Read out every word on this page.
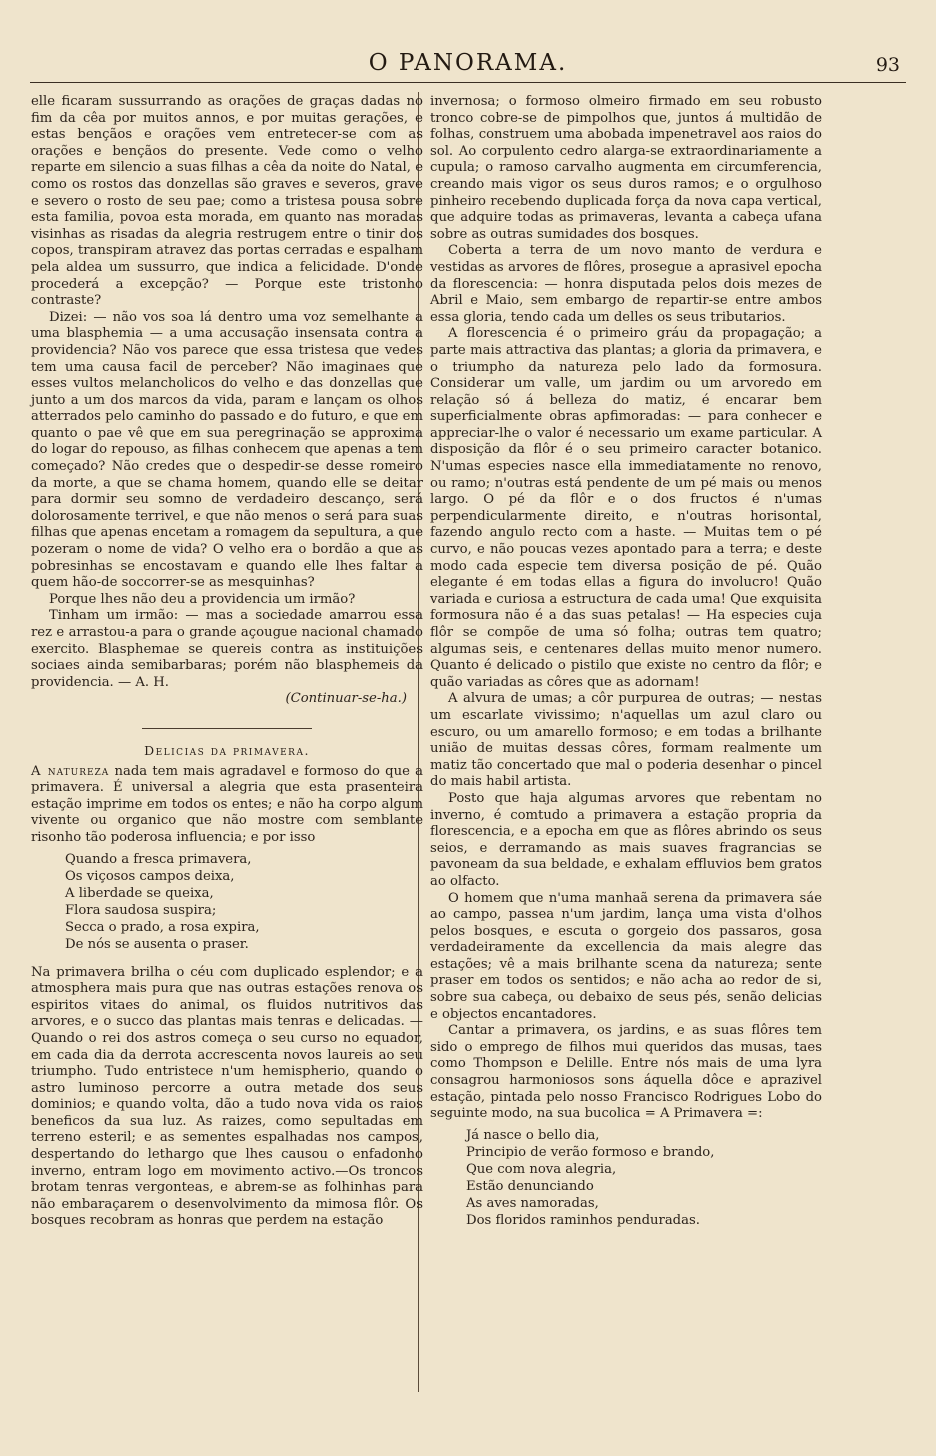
O PANORAMA.	93

elle ficaram sussurrando as orações de graças dadas no fim da cêa por muitos annos, e por muitas gerações, e estas bençãos e orações vem entretecer-se com as orações e bençãos do presente. Vede como o velho reparte em silencio a suas filhas a cêa da noite do Natal, e como os rostos das donzellas são graves e severos, grave e severo o rosto de seu pae; como a tristesa pousa sobre esta familia, povoa esta morada, em quanto nas moradas visinhas as risadas da alegria restrugem entre o tinir dos copos, transpiram atravez das portas cerradas e espalham pela aldea um sussurro, que indica a felicidade. D'onde procederá a excepção? — Porque este tristonho contraste?

Dizei: — não vos soa lá dentro uma voz semelhante a uma blasphemia — a uma accusação insensata contra a providencia? Não vos parece que essa tristesa que vedes tem uma causa facil de perceber? Não imaginaes que esses vultos melancholicos do velho e das donzellas que junto a um dos marcos da vida, param e lançam os olhos atterrados pelo caminho do passado e do futuro, e que em quanto o pae vê que em sua peregrinação se approxima do logar do repouso, as filhas conhecem que apenas a tem começado? Não credes que o despedir-se desse romeiro da morte, a que se chama homem, quando elle se deitar para dormir seu somno de verdadeiro descanço, será dolorosamente terrivel, e que não menos o será para suas filhas que apenas encetam a romagem da sepultura, a que pozeram o nome de vida? O velho era o bordão a que as pobresinhas se encostavam e quando elle lhes faltar a quem hão-de soccorrer-se as mesquinhas?

Porque lhes não deu a providencia um irmão?

Tinham um irmão: — mas a sociedade amarrou essa rez e arrastou-a para o grande açougue nacional chamado exercito. Blasphemae se quereis contra as instituições sociaes ainda semibarbaras; porém não blasphemeis da providencia. — A. H.

(Continuar-se-ha.)
Delicias da primavera.

A natureza nada tem mais agradavel e formoso do que a primavera. É universal a alegria que esta prasenteira estação imprime em todos os entes; e não ha corpo algum vivente ou organico que não mostre com semblante risonho tão poderosa influencia; e por isso

Quando a fresca primavera,
Os viçosos campos deixa,
A liberdade se queixa,
Flora saudosa suspira;
Secca o prado, a rosa expira,
De nós se ausenta o praser.

Na primavera brilha o céu com duplicado esplendor; e a atmosphera mais pura que nas outras estações renova os espiritos vitaes do animal, os fluidos nutritivos das arvores, e o succo das plantas mais tenras e delicadas. — Quando o rei dos astros começa o seu curso no equador, em cada dia da derrota accrescenta novos laureis ao seu triumpho. Tudo entristece n'um hemispherio, quando o astro luminoso percorre a outra metade dos seus dominios; e quando volta, dão a tudo nova vida os raios beneficos da sua luz. As raizes, como sepultadas em terreno esteril; e as sementes espalhadas nos campos, despertando do lethargo que lhes causou o enfadonho inverno, entram logo em movimento activo.—Os troncos brotam tenras vergonteas, e abrem-se as folhinhas para não embaraçarem o desenvolvimento da mimosa flôr. Os bosques recobram as honras que perdem na estação

invernosa; o formoso olmeiro firmado em seu robusto tronco cobre-se de pimpolhos que, juntos á multidão de folhas, construem uma abobada impenetravel aos raios do sol. Ao corpulento cedro alarga-se extraordinariamente a cupula; o ramoso carvalho augmenta em circumferencia, creando mais vigor os seus duros ramos; e o orgulhoso pinheiro recebendo duplicada força da nova capa vertical, que adquire todas as primaveras, levanta a cabeça ufana sobre as outras sumidades dos bosques.

Coberta a terra de um novo manto de verdura e vestidas as arvores de flôres, prosegue a aprasivel epocha da florescencia: — honra disputada pelos dois mezes de Abril e Maio, sem embargo de repartir-se entre ambos essa gloria, tendo cada um delles os seus tributarios.

A florescencia é o primeiro gráu da propagação; a parte mais attractiva das plantas; a gloria da primavera, e o triumpho da natureza pelo lado da formosura. Considerar um valle, um jardim ou um arvoredo em relação só á belleza do matiz, é encarar bem superficialmente obras apfimoradas: — para conhecer e appreciar-lhe o valor é necessario um exame particular. A disposição da flôr é o seu primeiro caracter botanico. N'umas especies nasce ella immediatamente no renovo, ou ramo; n'outras está pendente de um pé mais ou menos largo. O pé da flôr e o dos fructos é n'umas perpendicularmente direito, e n'outras horisontal, fazendo angulo recto com a haste. — Muitas tem o pé curvo, e não poucas vezes apontado para a terra; e deste modo cada especie tem diversa posição de pé. Quão elegante é em todas ellas a figura do involucro! Quão variada e curiosa a estructura de cada uma! Que exquisita formosura não é a das suas petalas! — Ha especies cuja flôr se compõe de uma só folha; outras tem quatro; algumas seis, e centenares dellas muito menor numero. Quanto é delicado o pistilo que existe no centro da flôr; e quão variadas as côres que as adornam!

A alvura de umas; a côr purpurea de outras; — nestas um escarlate vivissimo; n'aquellas um azul claro ou escuro, ou um amarello formoso; e em todas a brilhante união de muitas dessas côres, formam realmente um matiz tão concertado que mal o poderia desenhar o pincel do mais habil artista.

Posto que haja algumas arvores que rebentam no inverno, é comtudo a primavera a estação propria da florescencia, e a epocha em que as flôres abrindo os seus seios, e derramando as mais suaves fragrancias se pavoneam da sua beldade, e exhalam effluvios bem gratos ao olfacto.

O homem que n'uma manhaã serena da primavera sáe ao campo, passea n'um jardim, lança uma vista d'olhos pelos bosques, e escuta o gorgeio dos passaros, gosa verdadeiramente da excellencia da mais alegre das estações; vê a mais brilhante scena da natureza; sente praser em todos os sentidos; e não acha ao redor de si, sobre sua cabeça, ou debaixo de seus pés, senão delicias e objectos encantadores.

Cantar a primavera, os jardins, e as suas flôres tem sido o emprego de filhos mui queridos das musas, taes como Thompson e Delille. Entre nós mais de uma lyra consagrou harmoniosos sons áquella dôce e aprazivel estação, pintada pelo nosso Francisco Rodrigues Lobo do seguinte modo, na sua bucolica = A Primavera =:

Já nasce o bello dia,
Principio de verão formoso e brando,
Que com nova alegria,
Estão denunciando
As aves namoradas,
Dos floridos raminhos penduradas.
